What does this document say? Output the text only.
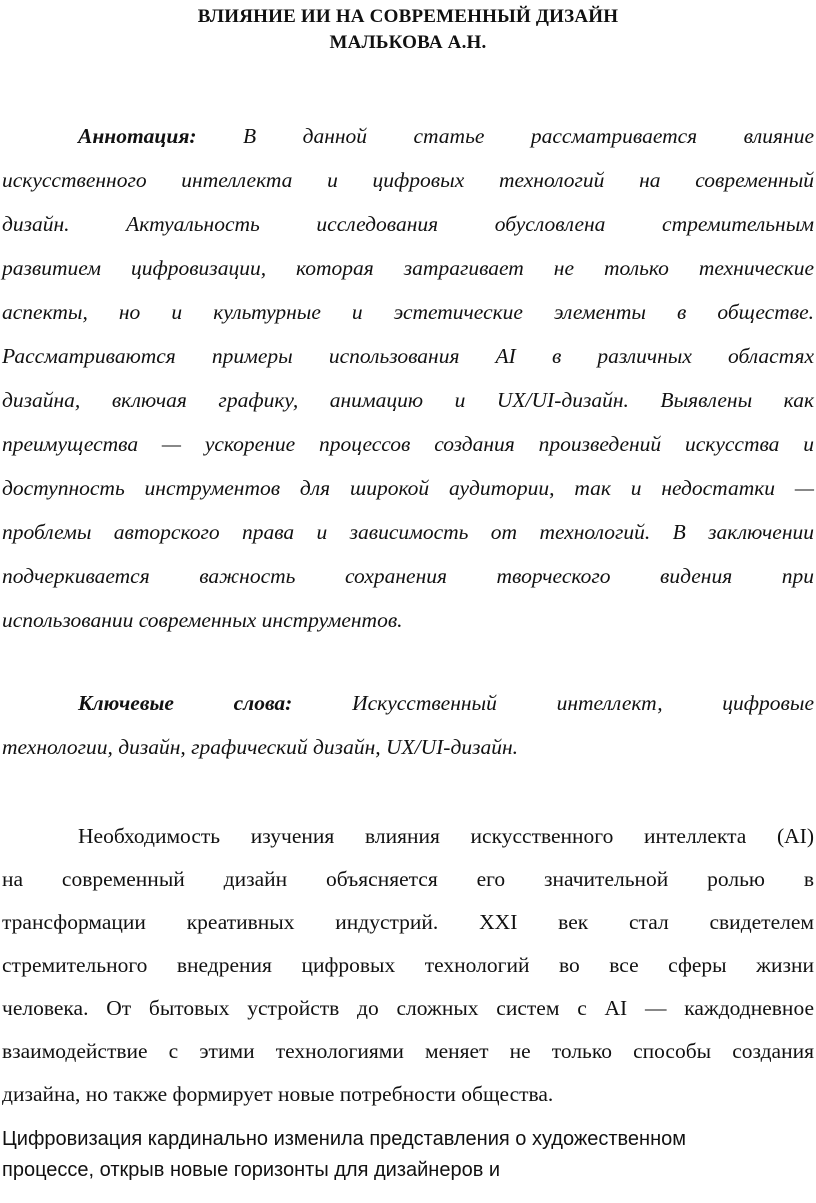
ВЛИЯНИЕ ИИ НА СОВРЕМЕННЫЙ ДИЗАЙН
МАЛЬКОВА А.Н.
Аннотация: В данной статье рассматривается влияние
искусственного интеллекта и цифровых технологий на современный
дизайн. Актуальность исследования обусловлена стремительным
развитием цифровизации, которая затрагивает не только технические
аспекты, но и культурные и эстетические элементы в обществе.
Рассматриваются примеры использования AI в различных областях
дизайна, включая графику, анимацию и UX/UI-дизайн. Выявлены как
преимущества — ускорение процессов создания произведений искусства и
доступность инструментов для широкой аудитории, так и недостатки —
проблемы авторского права и зависимость от технологий. В заключении
подчеркивается важность сохранения творческого видения при
использовании современных инструментов.
Ключевые слова:	Искусственный интеллект, цифровые
технологии, дизайн, графический дизайн, UX/UI-дизайн.
Необходимость изучения влияния искусственного интеллекта (AI)
на современный дизайн объясняется его значительной ролью в
трансформации креативных индустрий. XXI век стал свидетелем
стремительного внедрения цифровых технологий во все сферы жизни
человека. От бытовых устройств до сложных систем с AI — каждодневное
взаимодействие с этими технологиями меняет не только способы создания
дизайна, но также формирует новые потребности общества.
Цифровизация кардинально изменила представления о художественном
процессе, открыв новые горизонты для дизайнеров и
